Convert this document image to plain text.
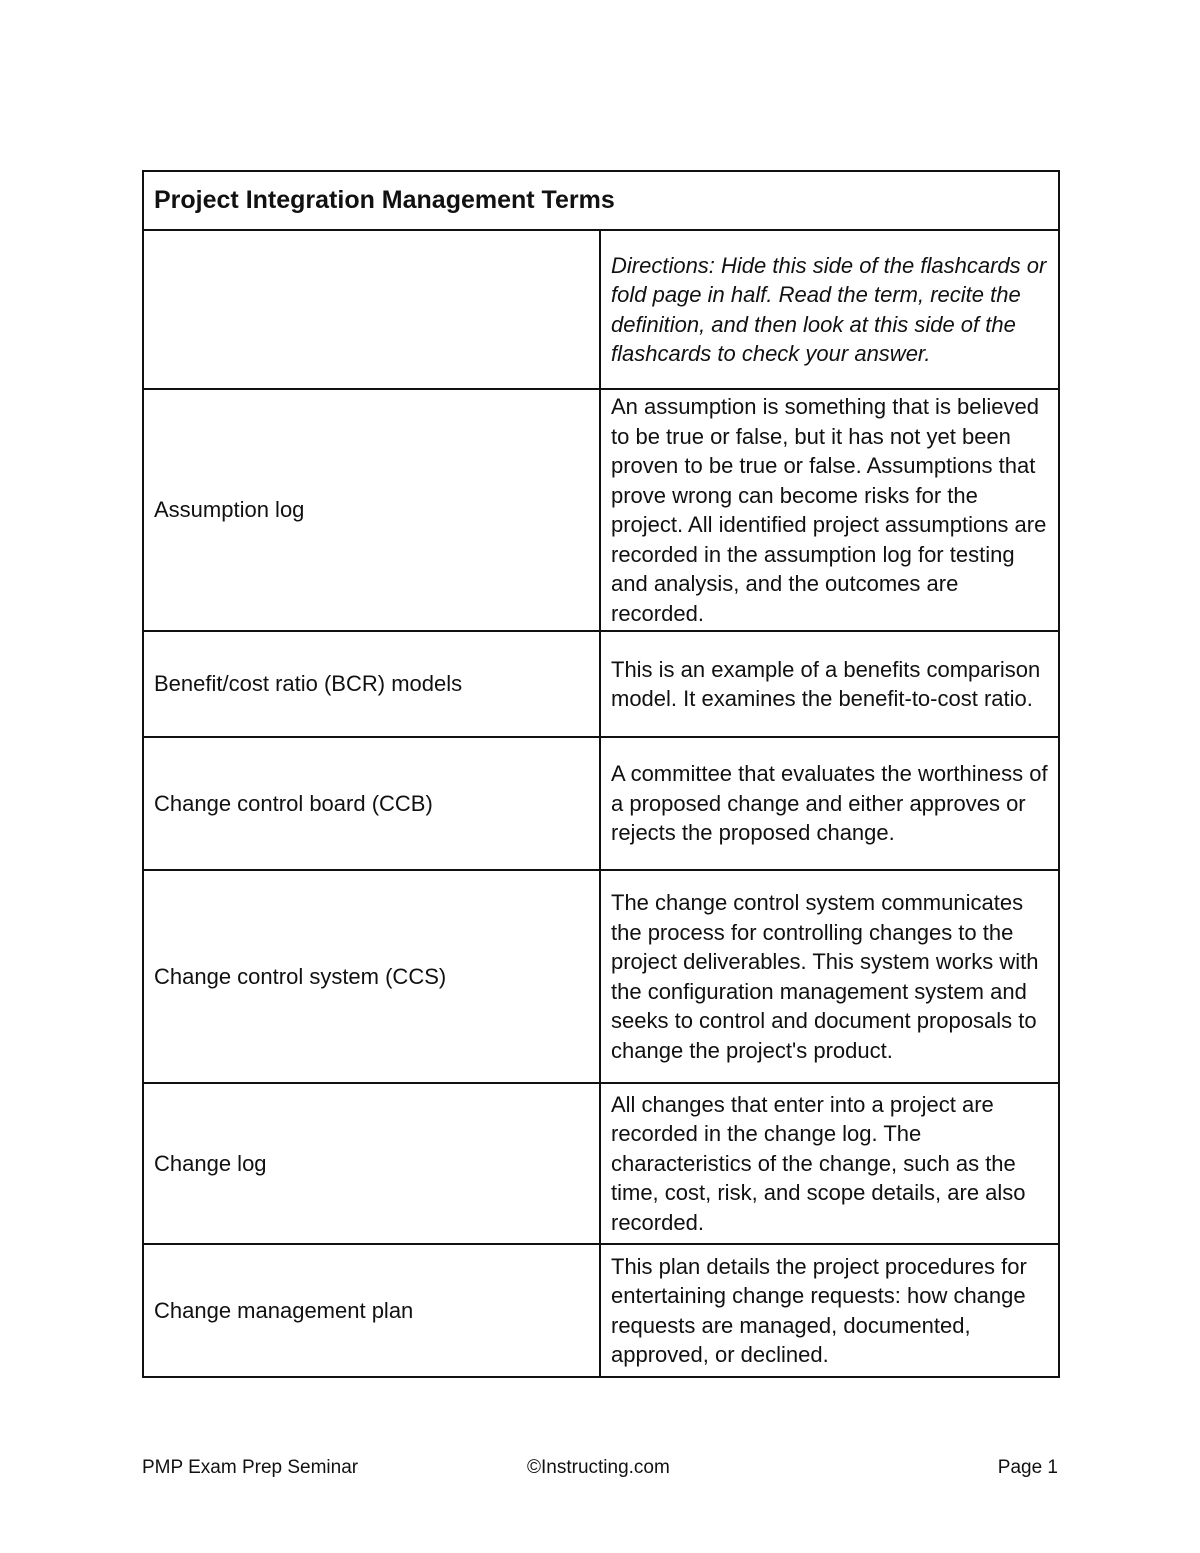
Project Integration Management Terms	
	Directions: Hide this side of the flashcards or fold page in half. Read the term, recite the definition, and then look at this side of the flashcards to check your answer.
Assumption log	An assumption is something that is believed to be true or false, but it has not yet been proven to be true or false. Assumptions that prove wrong can become risks for the project. All identified project assumptions are recorded in the assumption log for testing and analysis, and the outcomes are recorded.
Benefit/cost ratio (BCR) models	This is an example of a benefits comparison model. It examines the benefit-to-cost ratio.
Change control board (CCB)	A committee that evaluates the worthiness of a proposed change and either approves or rejects the proposed change.
Change control system (CCS)	The change control system communicates the process for controlling changes to the project deliverables. This system works with the configuration management system and seeks to control and document proposals to change the project's product.
Change log	All changes that enter into a project are recorded in the change log. The characteristics of the change, such as the time, cost, risk, and scope details, are also recorded.
Change management plan	This plan details the project procedures for entertaining change requests: how change requests are managed, documented, approved, or declined.
PMP Exam Prep Seminar	©Instructing.com	Page 1
